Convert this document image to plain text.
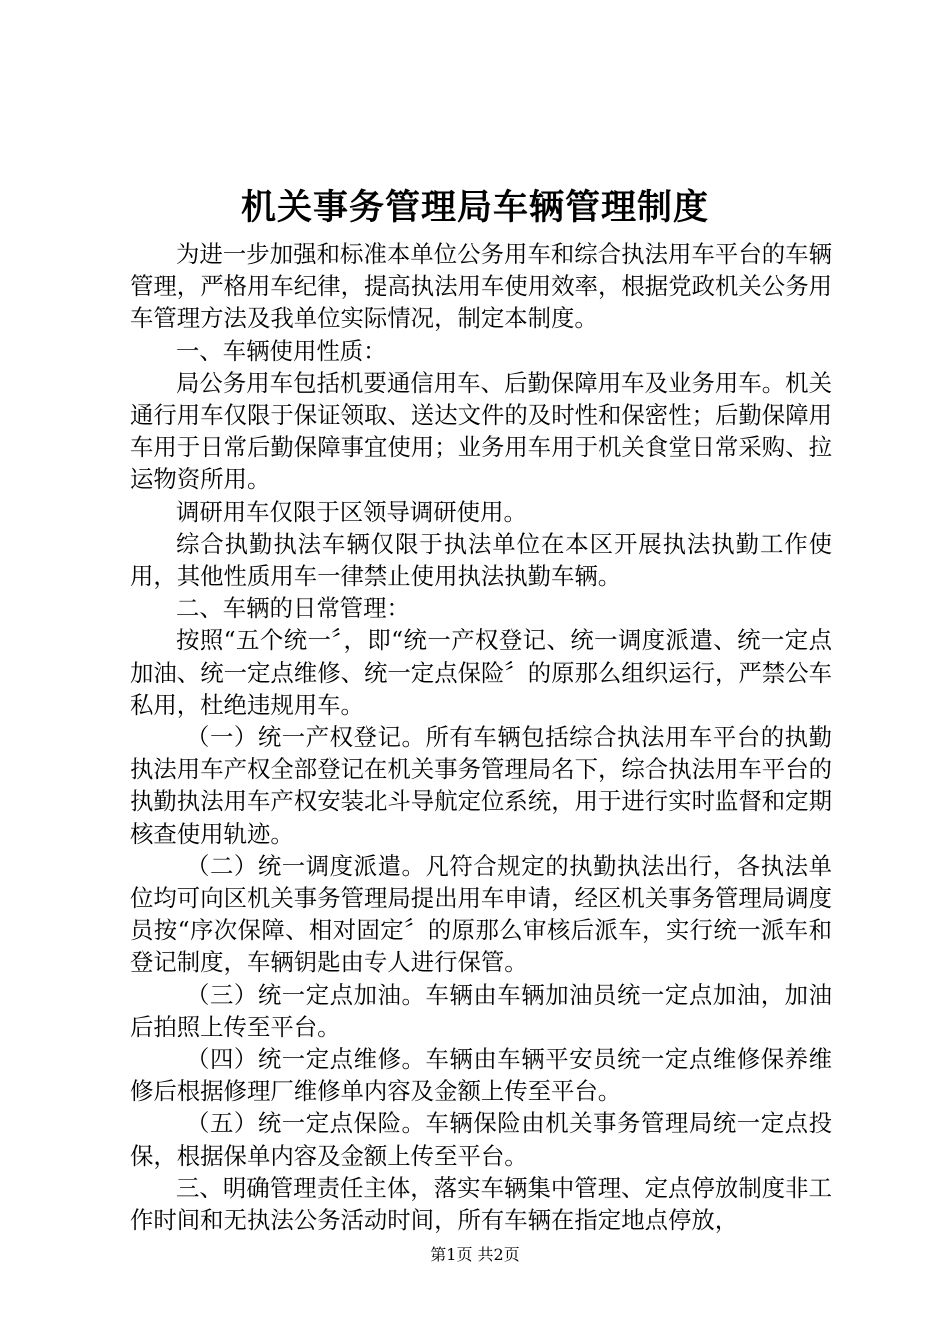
机关事务管理局车辆管理制度

为进一步加强和标准本单位公务用车和综合执法用车平台的车辆管理，严格用车纪律，提高执法用车使用效率，根据党政机关公务用车管理方法及我单位实际情况，制定本制度。

一、车辆使用性质：

局公务用车包括机要通信用车、后勤保障用车及业务用车。机关通行用车仅限于保证领取、送达文件的及时性和保密性；后勤保障用车用于日常后勤保障事宜使用；业务用车用于机关食堂日常采购、拉运物资所用。

调研用车仅限于区领导调研使用。

综合执勤执法车辆仅限于执法单位在本区开展执法执勤工作使用，其他性质用车一律禁止使用执法执勤车辆。

二、车辆的日常管理：

按照“五个统一〞，即“统一产权登记、统一调度派遣、统一定点加油、统一定点维修、统一定点保险〞的原那么组织运行，严禁公车私用，杜绝违规用车。

（一）统一产权登记。所有车辆包括综合执法用车平台的执勤执法用车产权全部登记在机关事务管理局名下，综合执法用车平台的执勤执法用车产权安装北斗导航定位系统，用于进行实时监督和定期核查使用轨迹。

（二）统一调度派遣。凡符合规定的执勤执法出行，各执法单位均可向区机关事务管理局提出用车申请，经区机关事务管理局调度员按“序次保障、相对固定〞的原那么审核后派车，实行统一派车和登记制度，车辆钥匙由专人进行保管。

（三）统一定点加油。车辆由车辆加油员统一定点加油，加油后拍照上传至平台。

（四）统一定点维修。车辆由车辆平安员统一定点维修保养维修后根据修理厂维修单内容及金额上传至平台。

（五）统一定点保险。车辆保险由机关事务管理局统一定点投保，根据保单内容及金额上传至平台。

三、明确管理责任主体，落实车辆集中管理、定点停放制度非工作时间和无执法公务活动时间，所有车辆在指定地点停放，

第1页 共2页
